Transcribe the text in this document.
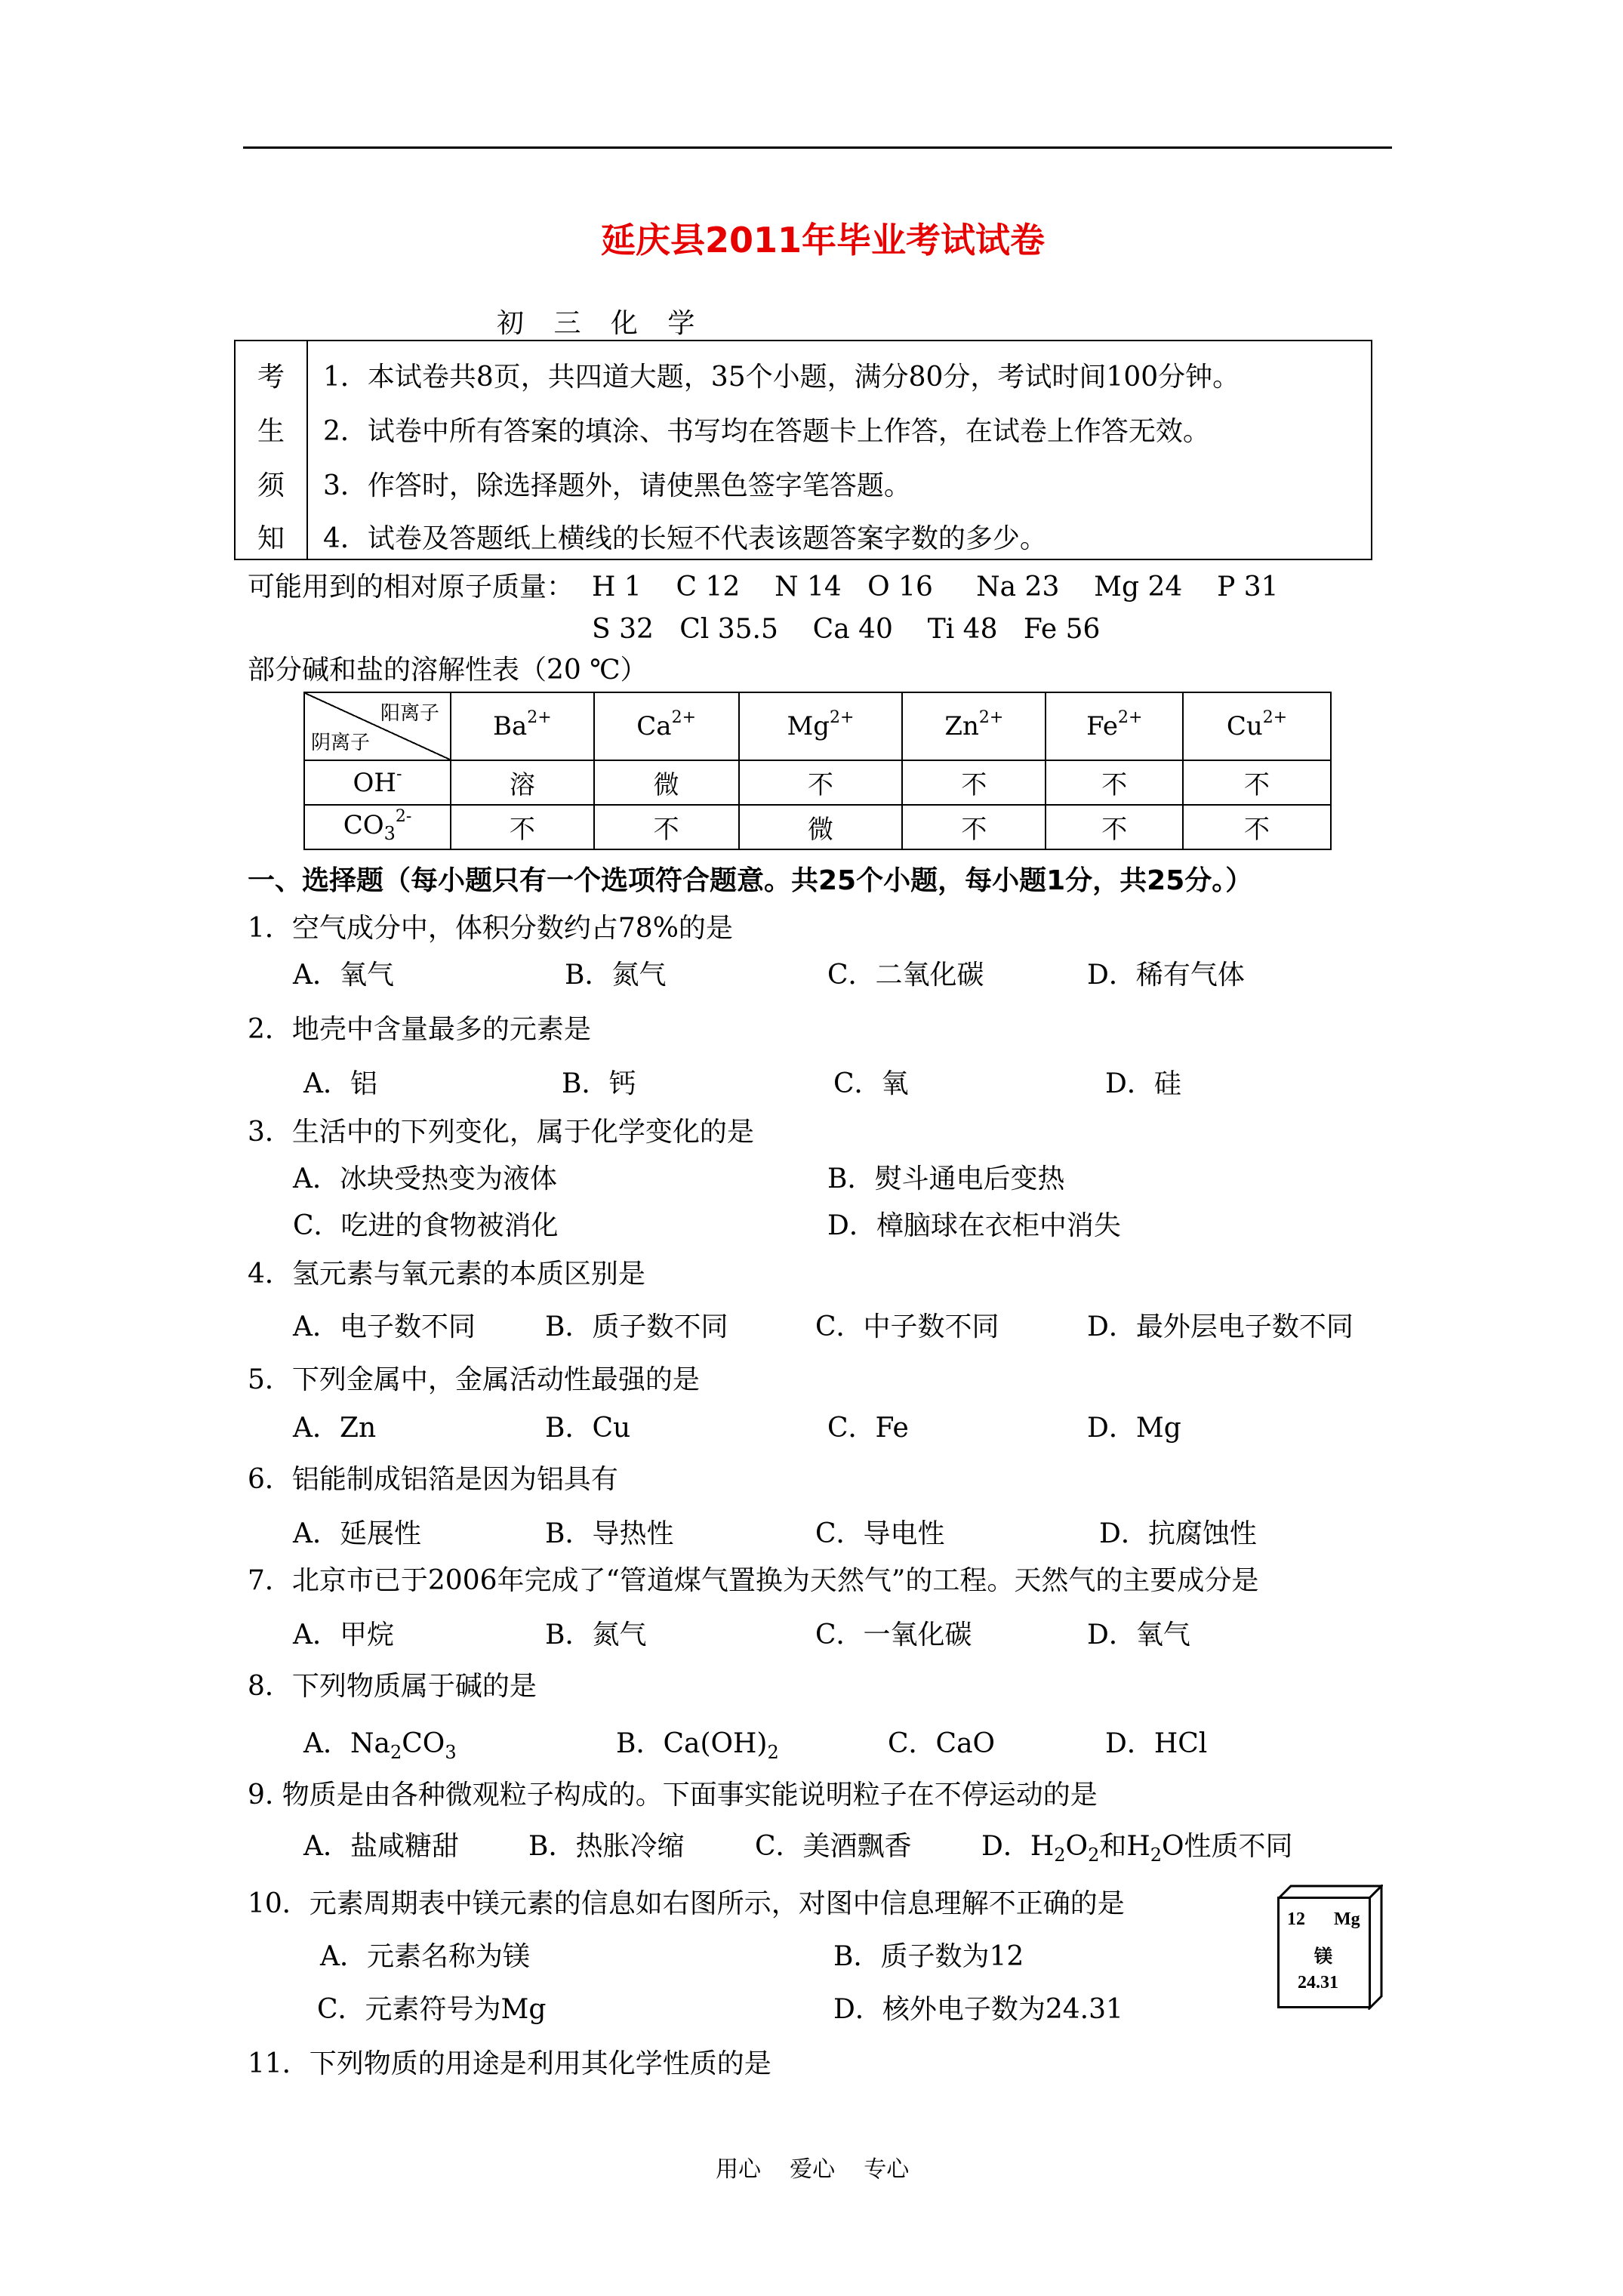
延庆县2011年毕业考试试卷
初 三 化 学
考
生
须
知
1．本试卷共8页，共四道大题，35个小题，满分80分，考试时间100分钟。
2．试卷中所有答案的填涂、书写均在答题卡上作答，在试卷上作答无效。
3．作答时，除选择题外，请使黑色签字笔答题。
4．试卷及答题纸上横线的长短不代表该题答案字数的多少。
可能用到的相对原子质量： H 1    C 12    N 14   O 16     Na 23    Mg 24    P 31
S 32   Cl 35.5    Ca 40    Ti 48   Fe 56
部分碱和盐的溶解性表（20 ℃）
阳离子
阴离子	$Ba^{2+}$	$Ca^{2+}$	$Mg^{2+}$	$Zn^{2+}$	$Fe^{2+}$	$Cu^{2+}$
OH-	溶	微	不	不	不	不
$CO_3^{2-}$	不	不	微	不	不	不
一、选择题（每小题只有一个选项符合题意。共25个小题，每小题1分，共25分。）
1．空气成分中，体积分数约占78%的是
A．氧气	B．氮气	C．二氧化碳	D．稀有气体
2．地壳中含量最多的元素是
A．铝	B．钙	C．氧	D．硅
3．生活中的下列变化，属于化学变化的是
A．冰块受热变为液体	B．熨斗通电后变热
C．吃进的食物被消化	D．樟脑球在衣柜中消失
4．氢元素与氧元素的本质区别是
A．电子数不同	B．质子数不同	C．中子数不同	D．最外层电子数不同
5．下列金属中，金属活动性最强的是
A．Zn	B．Cu	C．Fe	D．Mg
6．铝能制成铝箔是因为铝具有
A．延展性	B．导热性	C．导电性	D．抗腐蚀性
7．北京市已于2006年完成了“管道煤气置换为天然气”的工程。天然气的主要成分是
A．甲烷	B．氮气	C．一氧化碳	D．氧气
8．下列物质属于碱的是
A．$Na_2CO_3$	B．$Ca(OH)_2$	C．CaO	D．HCl
9. 物质是由各种微观粒子构成的。下面事实能说明粒子在不停运动的是
A．盐咸糖甜	B．热胀冷缩	C．美酒飘香	D．$H_2O_2$和$H_2O$性质不同
10．元素周期表中镁元素的信息如右图所示，对图中信息理解不正确的是
A．元素名称为镁	B．质子数为12
C．元素符号为Mg	D．核外电子数为24.31
12 Mg
镁
24.31
11．下列物质的用途是利用其化学性质的是
用心    爱心    专心
